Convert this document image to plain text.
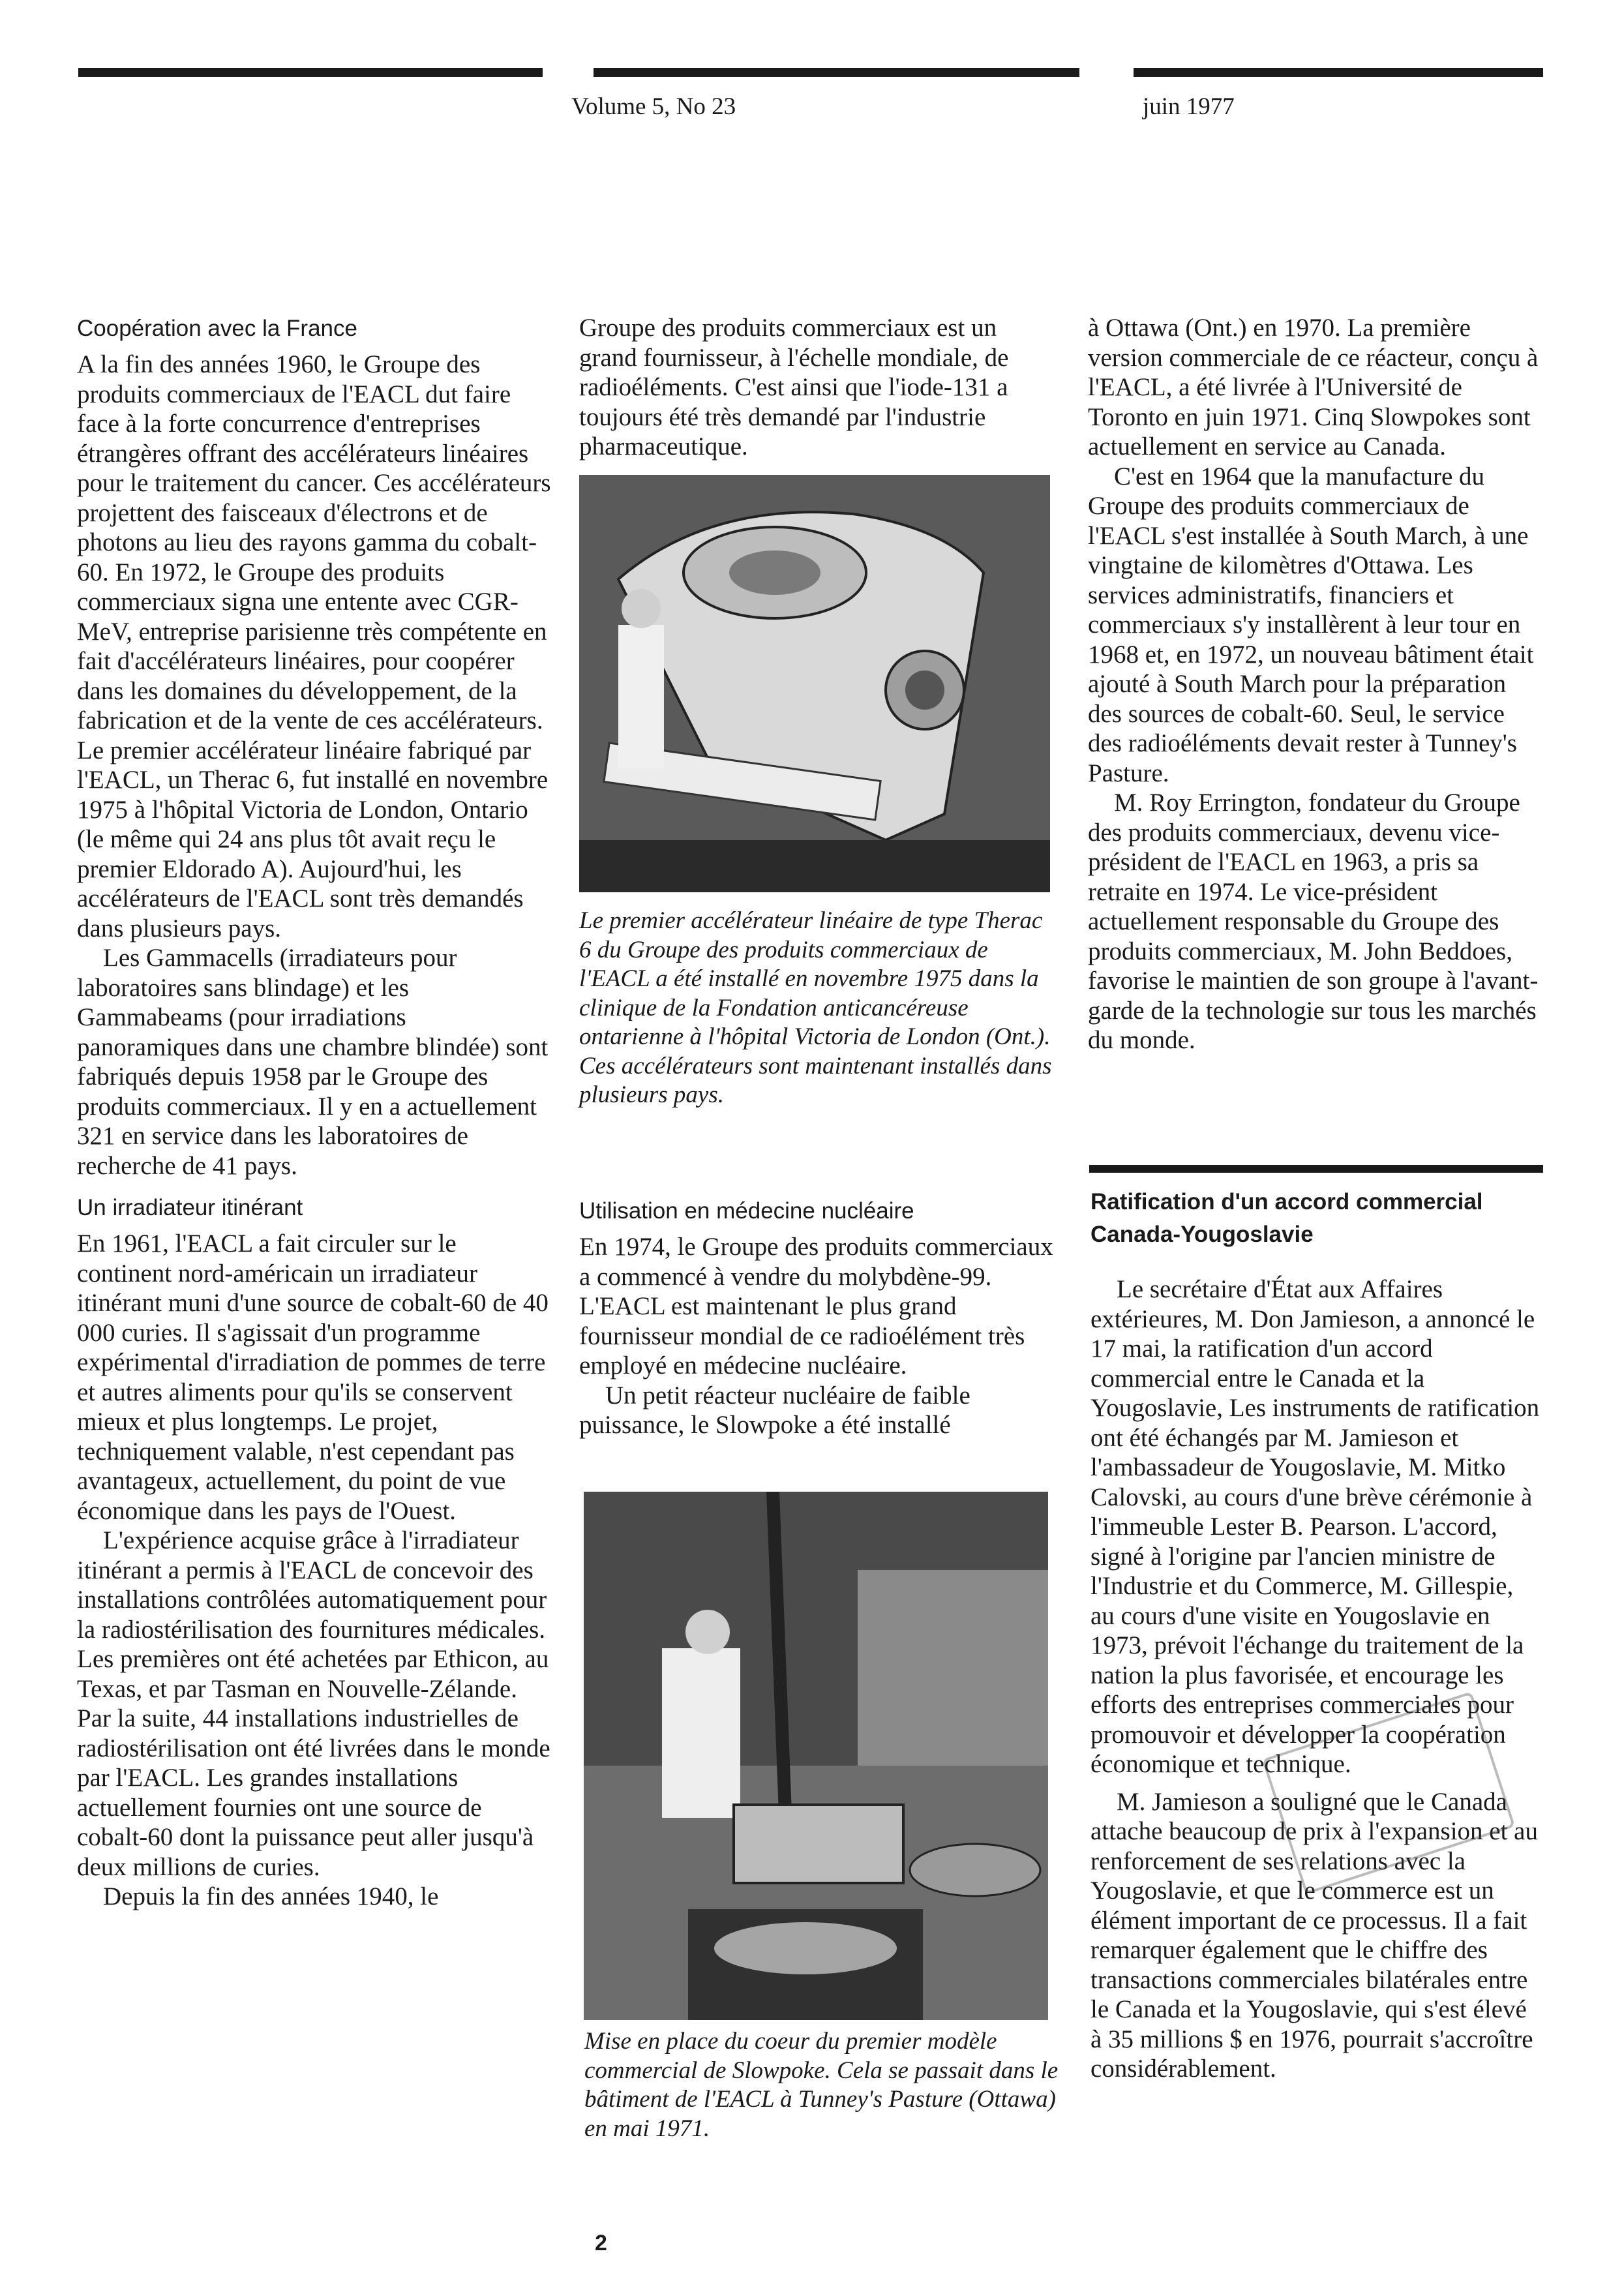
Volume 5, No 23	juin 1977
Coopération avec la France

A la fin des années 1960, le Groupe des produits commerciaux de l'EACL dut faire face à la forte concurrence d'entreprises étrangères offrant des accélérateurs linéaires pour le traitement du cancer. Ces accélérateurs projettent des faisceaux d'électrons et de photons au lieu des rayons gamma du cobalt-60. En 1972, le Groupe des produits commerciaux signa une entente avec CGR-MeV, entreprise parisienne très compétente en fait d'accélérateurs linéaires, pour coopérer dans les domaines du développement, de la fabrication et de la vente de ces accélérateurs. Le premier accélérateur linéaire fabriqué par l'EACL, un Therac 6, fut installé en novembre 1975 à l'hôpital Victoria de London, Ontario (le même qui 24 ans plus tôt avait reçu le premier Eldorado A). Aujourd'hui, les accélérateurs de l'EACL sont très demandés dans plusieurs pays.

Les Gammacells (irradiateurs pour laboratoires sans blindage) et les Gammabeams (pour irradiations panoramiques dans une chambre blindée) sont fabriqués depuis 1958 par le Groupe des produits commerciaux. Il y en a actuellement 321 en service dans les laboratoires de recherche de 41 pays.

Un irradiateur itinérant

En 1961, l'EACL a fait circuler sur le continent nord-américain un irradiateur itinérant muni d'une source de cobalt-60 de 40 000 curies. Il s'agissait d'un programme expérimental d'irradiation de pommes de terre et autres aliments pour qu'ils se conservent mieux et plus longtemps. Le projet, techniquement valable, n'est cependant pas avantageux, actuellement, du point de vue économique dans les pays de l'Ouest.

L'expérience acquise grâce à l'irradiateur itinérant a permis à l'EACL de concevoir des installations contrôlées automatiquement pour la radiostérilisation des fournitures médicales. Les premières ont été achetées par Ethicon, au Texas, et par Tasman en Nouvelle-Zélande. Par la suite, 44 installations industrielles de radiostérilisation ont été livrées dans le monde par l'EACL. Les grandes installations actuellement fournies ont une source de cobalt-60 dont la puissance peut aller jusqu'à deux millions de curies.

Depuis la fin des années 1940, le

Groupe des produits commerciaux est un grand fournisseur, à l'échelle mondiale, de radioéléments. C'est ainsi que l'iode-131 a toujours été très demandé par l'industrie pharmaceutique.

Le premier accélérateur linéaire de type Therac 6 du Groupe des produits commerciaux de l'EACL a été installé en novembre 1975 dans la clinique de la Fondation anticancéreuse ontarienne à l'hôpital Victoria de London (Ont.). Ces accélérateurs sont maintenant installés dans plusieurs pays.

Utilisation en médecine nucléaire

En 1974, le Groupe des produits commerciaux a commencé à vendre du molybdène-99. L'EACL est maintenant le plus grand fournisseur mondial de ce radioélément très employé en médecine nucléaire.

Un petit réacteur nucléaire de faible puissance, le Slowpoke a été installé

Mise en place du coeur du premier modèle commercial de Slowpoke. Cela se passait dans le bâtiment de l'EACL à Tunney's Pasture (Ottawa) en mai 1971.

à Ottawa (Ont.) en 1970. La première version commerciale de ce réacteur, conçu à l'EACL, a été livrée à l'Université de Toronto en juin 1971. Cinq Slowpokes sont actuellement en service au Canada.

C'est en 1964 que la manufacture du Groupe des produits commerciaux de l'EACL s'est installée à South March, à une vingtaine de kilomètres d'Ottawa. Les services administratifs, financiers et commerciaux s'y installèrent à leur tour en 1968 et, en 1972, un nouveau bâtiment était ajouté à South March pour la préparation des sources de cobalt-60. Seul, le service des radioéléments devait rester à Tunney's Pasture.

M. Roy Errington, fondateur du Groupe des produits commerciaux, devenu vice-président de l'EACL en 1963, a pris sa retraite en 1974. Le vice-président actuellement responsable du Groupe des produits commerciaux, M. John Beddoes, favorise le maintien de son groupe à l'avant-garde de la technologie sur tous les marchés du monde.

Ratification d'un accord commercial Canada-Yougoslavie

Le secrétaire d'État aux Affaires extérieures, M. Don Jamieson, a annoncé le 17 mai, la ratification d'un accord commercial entre le Canada et la Yougoslavie, Les instruments de ratification ont été échangés par M. Jamieson et l'ambassadeur de Yougoslavie, M. Mitko Calovski, au cours d'une brève cérémonie à l'immeuble Lester B. Pearson. L'accord, signé à l'origine par l'ancien ministre de l'Industrie et du Commerce, M. Gillespie, au cours d'une visite en Yougoslavie en 1973, prévoit l'échange du traitement de la nation la plus favorisée, et encourage les efforts des entreprises commerciales pour promouvoir et développer la coopération économique et technique.

M. Jamieson a souligné que le Canada attache beaucoup de prix à l'expansion et au renforcement de ses relations avec la Yougoslavie, et que le commerce est un élément important de ce processus. Il a fait remarquer également que le chiffre des transactions commerciales bilatérales entre le Canada et la Yougoslavie, qui s'est élevé à 35 millions $ en 1976, pourrait s'accroître considérablement.

2
